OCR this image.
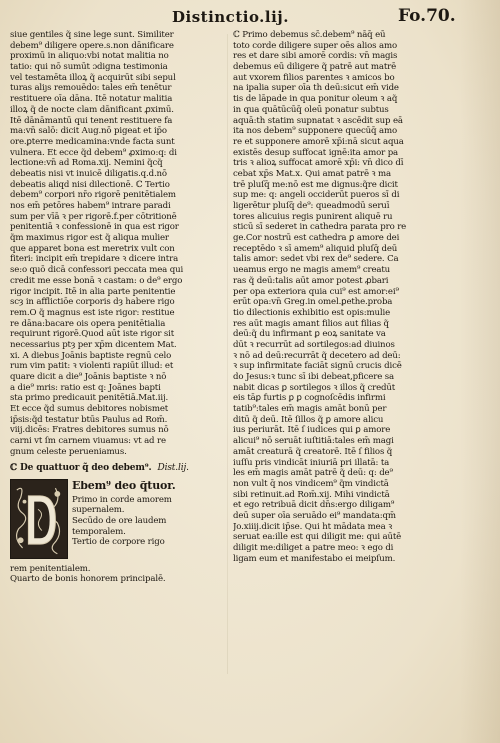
Distinctio.lij.	Fo.70.
siue gentiles q̃ sine lege sunt. Similiter
debem⁹ diligere opere.s.non dānificare
proximū in aliquo:vbi notat malitia no
tatio: qui nō sumūt ɔdigna testimonia
vel testamēta illoꝝ q̃ acquirūt sibi sepul
turas aliȷs remouēdo: tales em̄ tenētur
restituere oīa dāna. Itē notatur malitia
illoꝝ q̃ de nocte clam dānificant ꝓximū.
Itē dānāmantū qui tenent restituere fa
ma:vn̄ salō: dicit Aug.nō pigeat et ip̄o
ore.ꝑterre medicamina:vnde facta sunt
vulnera. Et ecce q̃d debem⁹ ꝓximo:q: di
lectione:vn̄ ad Roma.xij. Nemini q̃cq̃
debeatis nisi vt inuicē diligatis.q.d.nō
debeatis aliqd nisi dilectionē. ℂ Tertio
debem⁹ corpori nr̄o rigorē penitētialem
nos em̄ petōres habem⁹ intrare paradi
sum per vīā ꝛ per rigorē.f.per cōtritionē
penitentiā ꝛ confessionē in qua est rigor
q̃m maximus rigor est q̃ aliqua mulier
que apparet bona est meretrix vult con
fiteri: incipit em̄ trepidare ꝛ dicere intra
se:o quō dicā confessori peccata mea qui
credit me esse bonā ꝛ castam: o de⁹ ergo
rigor incipit. Itē in alia parte penitentie
scȝ in afflictiōe corporis dȝ habere rigo
rem.O q̃ magnus est iste rigor: restitue
re dāna:bacare ois opera penitētialia
requirunt rigorē.Quod aūt iste rigor sit
necessarius ptȝ per xp̄m dicentem Mat.
xi. A diebus Joānis baptiste regnū celo
rum vim patit̄: ꝛ violenti rapiūt illud: et
quare dicit a die⁹ Joānis baptiste ꝛ nō
a die⁹ mris: ratio est q: Joānes bapti
sta primo predicauit penitētiā.Mat.iij.
Et ecce q̃d sumus debitores nobismet
ip̄sis:q̃d testatur btūs Paulus ad Rom̄.
viij.dicēs: Fratres debitores sumus nō
carni vt ſm carnem viuamus: vt ad re
gnum celeste perueniamus.
ℂ De quattuor q̃ deo debem⁹. Dist.lij.
Ebem⁹ deo q̃tuor.
Primo in corde amorem
supernalem.
Secūdo de ore laudem
temporalem.
Tertio de corpore rigo
rem penitentialem.
Quarto de bonis honorem principalē.
ℂ Primo debemus sc̄.debem⁹ nāq̄ eū
toto corde diligere super oēs alios amo
res et dare sibi amorē cordis: vn̄ magis
debemus eū diligere q̃ patrē aut matrē
aut vxorem filios parentes ꝛ amicos bo
na ipalia super oīa th̄ deū:sicut em̄ vide
tis de lāpade in qua ponitur oleum ꝛ aq̃
in qua quātūcūq̄ oleū ponatur subtus
aquā:th̄ statim supnatat ꝛ ascēdit sup eā
ita nos debem⁹ supponere quecūq̄ amo
re et supponere amorē xp̄i:nā sicut aqua
existēs desup suffocat ignē:ita amor pa
tris ꝛ alioꝝ suffocat amorē xp̄i: vn̄ dico dī
cebat xp̄s Mat.x. Qui amat patrē ꝛ ma
trē pluſq̄ me:nō est me dignus:q̃re dicit
sup me: q: angeli occiderūt pueros sī di
ligerētur pluſq̄ de⁹: queadmodū seruī
tores alicuius regis punirent aliquē ru
sticū sī sederet in cathedra parata pro re
ge.Cor nostrū est cathedra ꝑ amore dei
receptēdo ꝛ sī amem⁹ aliquid pluſq̄ deū
talis amor: sedet vbi rex de⁹ sedere. Ca
ueamus ergo ne magis amem⁹ creatu
ras q̃ deū:talis aūt amor potest ꝓbari
per opa exteriora quia cui⁹ est amor:ei⁹
erūt opa:vn̄ Greg.in omel.ꝑethe.proba
tio dilectionis exhibitio est opis:mulie
res aūt magis amant filios aut filias q̃
deū:q̃ du infirmant ꝑ eoꝝ sanitate va
dūt ꝛ recurrūt ad sortilegos:ad diuinos
ꝛ nō ad deū:recurrāt q̃ decetero ad deū:
ꝛ sup infirmitate faciāt signū crucis dicē
do Jesus:ꝛ tunc sī ibi debeat,pficere sa
nabit dicas ꝑ sortilegos ꝛ illos q̃ credūt
eis tāꝑ furtis ꝑ ꝑ cognoſcēdis infirmi
tatib⁹:tales em̄ magis amāt bonū per
ditū q̃ deū. Itē ſillos q̃ ꝑ amore alicu
ius periurāt. Itē ſ iudices qui ꝑ amore
alicui⁹ nō seruāt iuſtitiā:tales em̄ magi
amāt creaturā q̃ creatorē. Itē ſ filios q̃
iuſſu pris vindicāt iniuriā pri illatā: ta
les em̄ magis amāt patrē q̃ deū: q: de⁹
non vult q̄ nos vindicem⁹ q̃m vindictā
sibi retinuit.ad Rom̄.xij. Mihi vindictā
et ego retribuā dicit dn̄s:ergo diligam⁹
deū super oīa seruādo ei⁹ mandata:qm̄
Jo.xiiij.dicit ip̄se. Qui ht̄ mādata mea ꝛ
seruat ea:ille est qui diligit me: qui aūtē
diligit me:diliget a patre meo: ꝛ ego di
ligam eum et manifestabo ei meipſum.
